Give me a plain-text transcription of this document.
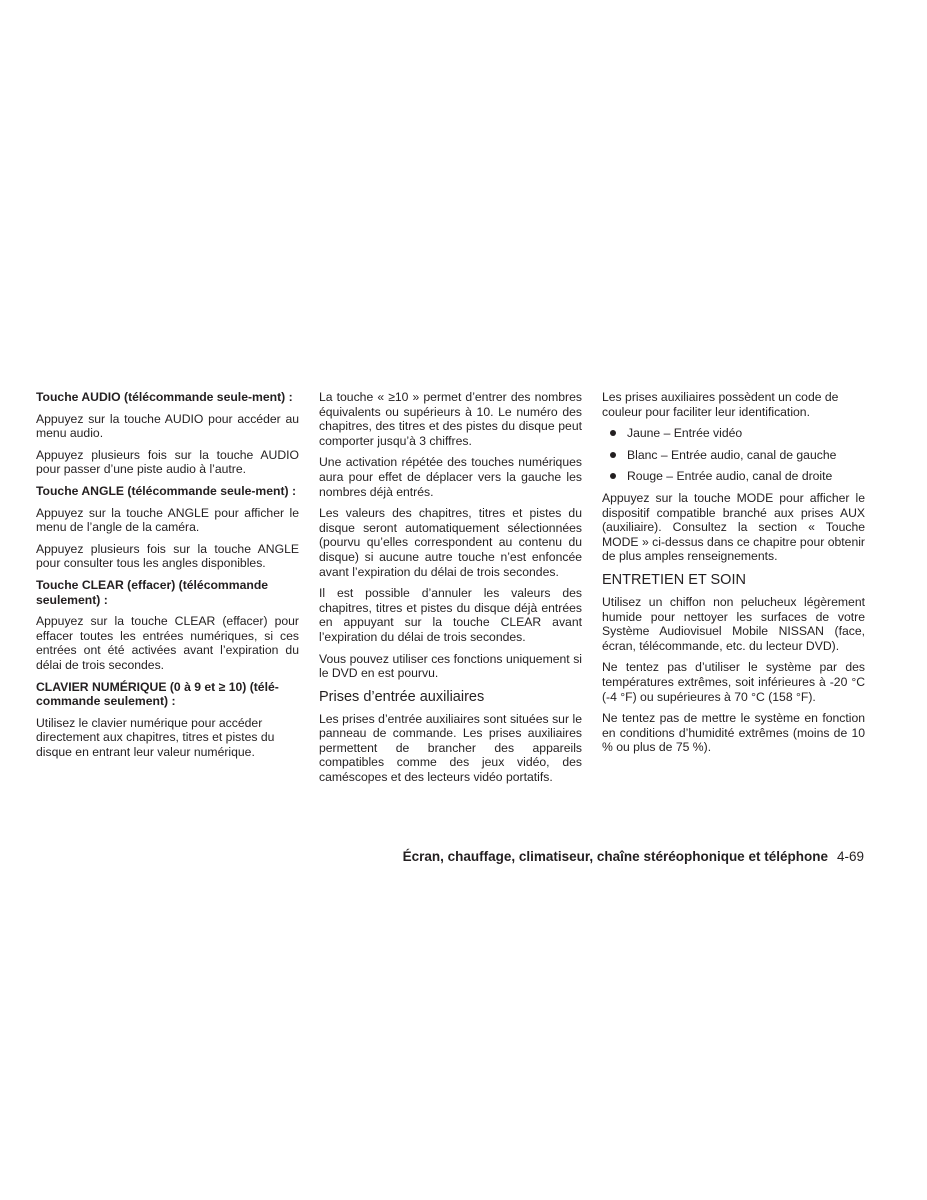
Touche AUDIO (télécommande seule-ment) :

Appuyez sur la touche AUDIO pour accéder au menu audio.

Appuyez plusieurs fois sur la touche AUDIO pour passer d’une piste audio à l’autre.

Touche ANGLE (télécommande seule-ment) :

Appuyez sur la touche ANGLE pour afficher le menu de l’angle de la caméra.

Appuyez plusieurs fois sur la touche ANGLE pour consulter tous les angles disponibles.

Touche CLEAR (effacer) (télécommande seulement) :

Appuyez sur la touche CLEAR (effacer) pour effacer toutes les entrées numériques, si ces entrées ont été activées avant l’expiration du délai de trois secondes.

CLAVIER NUMÉRIQUE (0 à 9 et ≥ 10) (télé-commande seulement) :

Utilisez le clavier numérique pour accéder directement aux chapitres, titres et pistes du disque en entrant leur valeur numérique.

La touche « ≥10 » permet d’entrer des nombres équivalents ou supérieurs à 10. Le numéro des chapitres, des titres et des pistes du disque peut comporter jusqu’à 3 chiffres.

Une activation répétée des touches numériques aura pour effet de déplacer vers la gauche les nombres déjà entrés.

Les valeurs des chapitres, titres et pistes du disque seront automatiquement sélectionnées (pourvu qu’elles correspondent au contenu du disque) si aucune autre touche n’est enfoncée avant l’expiration du délai de trois secondes.

Il est possible d’annuler les valeurs des chapitres, titres et pistes du disque déjà entrées en appuyant sur la touche CLEAR avant l’expiration du délai de trois secondes.

Vous pouvez utiliser ces fonctions uniquement si le DVD en est pourvu.

Prises d’entrée auxiliaires

Les prises d’entrée auxiliaires sont situées sur le panneau de commande. Les prises auxiliaires permettent de brancher des appareils compatibles comme des jeux vidéo, des caméscopes et des lecteurs vidéo portatifs.

Les prises auxiliaires possèdent un code de couleur pour faciliter leur identification.

Jaune – Entrée vidéo
Blanc – Entrée audio, canal de gauche
Rouge – Entrée audio, canal de droite

Appuyez sur la touche MODE pour afficher le dispositif compatible branché aux prises AUX (auxiliaire). Consultez la section « Touche MODE » ci-dessus dans ce chapitre pour obtenir de plus amples renseignements.

ENTRETIEN ET SOIN

Utilisez un chiffon non pelucheux légèrement humide pour nettoyer les surfaces de votre Système Audiovisuel Mobile NISSAN (face, écran, télécommande, etc. du lecteur DVD).

Ne tentez pas d’utiliser le système par des températures extrêmes, soit inférieures à -20 °C (-4 °F) ou supérieures à 70 °C (158 °F).

Ne tentez pas de mettre le système en fonction en conditions d’humidité extrêmes (moins de 10 % ou plus de 75 %).

Écran, chauffage, climatiseur, chaîne stéréophonique et téléphone 4-69
